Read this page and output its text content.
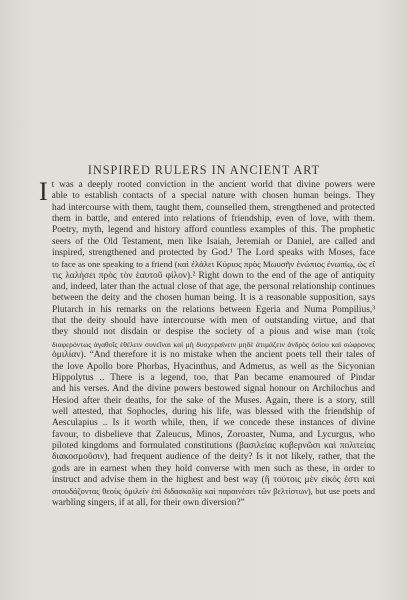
INSPIRED RULERS IN ANCIENT ART
I t was a deeply rooted conviction in the ancient world that divine powers were
able to establish contacts of a special nature with chosen human beings. They
had intercourse with them, taught them, counselled them, strengthened and protected
them in battle, and entered into relations of friendship, even of love, with them.
Poetry, myth, legend and history afford countless examples of this. The prophetic
seers of the Old Testament, men like Isaiah, Jeremiah or Daniel, are called and
inspired, strengthened and protected by God.¹ The Lord speaks with Moses, face
to face as one speaking to a friend (καὶ ἐλάλει Κύριος πρὸς Μωυσῆν ἐνώπιος ἐνωπίῳ, ὡς εἴ
τις λαλήσει πρὸς τὸν ἑαυτοῦ φίλον).² Right down to the end of the age of antiquity
and, indeed, later than the actual close of that age, the personal relationship continues
between the deity and the chosen human being. It is a reasonable supposition, says
Plutarch in his remarks on the relations between Egeria and Numa Pompilius,³
that the deity should have intercourse with men of outstanding virtue, and that
they should not disdain or despise the society of a pious and wise man (τοῖς
διαφερόντως ἀγαθοῖς ἐθέλειν συνεῖναι καὶ μὴ δυσχεραίνειν μηδὲ ἀτιμάζειν ἀνδρὸς ὁσίου καὶ σώφρονος
ὁμιλίαν). “And therefore it is no mistake when the ancient poets tell their tales of
the love Apollo bore Phorbas, Hyacinthus, and Admetus, as well as the Sicyonian
Hippolytus .. There is a legend, too, that Pan became enamoured of Pindar
and his verses. And the divine powers bestowed signal honour on Archilochus and
Hesiod after their deaths, for the sake of the Muses. Again, there is a story, still
well attested, that Sophocles, during his life, was blessed with the friendship of
Aesculapius .. Is it worth while, then, if we concede these instances of divine
favour, to disbelieve that Zaleucus, Minos, Zoroaster, Numa, and Lycurgus, who
piloted kingdoms and formulated constitutions (βασιλείας κυβερνῶσι καὶ πολιτείας
διακοσμοῦσιν), had frequent audience of the deity? Is it not likely, rather, that the
gods are in earnest when they hold converse with men such as these, in order to
instruct and advise them in the highest and best way (ἢ τούτοις μὲν εἰκός ἐστι καὶ
σπουδάζοντας θεοὺς ὁμιλεῖν ἐπὶ διδασκαλίᾳ καὶ παραινέσει τῶν βελτίστων), but use poets and
warbling singers, if at all, for their own diversion?”
